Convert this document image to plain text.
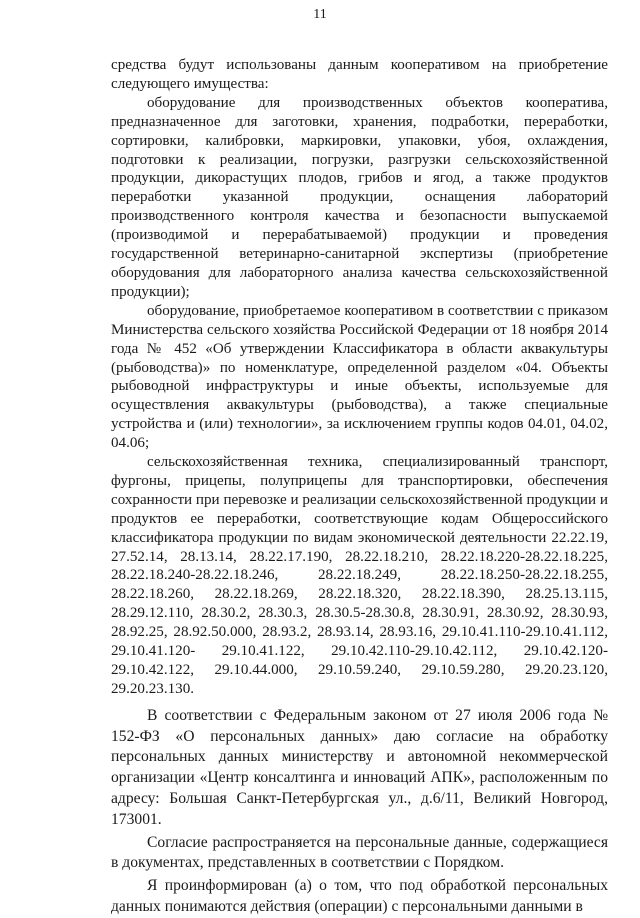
11

средства будут использованы данным кооперативом на приобретение следующего имущества:

оборудование для производственных объектов кооператива, предназначенное для заготовки, хранения, подработки, переработки, сортировки, калибровки, маркировки, упаковки, убоя, охлаждения, подготовки к реализации, погрузки, разгрузки сельскохозяйственной продукции, дикорастущих плодов, грибов и ягод, а также продуктов переработки указанной продукции, оснащения лабораторий производственного контроля качества и безопасности выпускаемой (производимой и перерабатываемой) продукции и проведения государственной ветеринарно-санитарной экспертизы (приобретение оборудования для лабораторного анализа качества сельскохозяйственной продукции);

оборудование, приобретаемое кооперативом в соответствии с приказом Министерства сельского хозяйства Российской Федерации от 18 ноября 2014 года № 452 «Об утверждении Классификатора в области аквакультуры (рыбоводства)» по номенклатуре, определенной разделом «04. Объекты рыбоводной инфраструктуры и иные объекты, используемые для осуществления аквакультуры (рыбоводства), а также специальные устройства и (или) технологии», за исключением группы кодов 04.01, 04.02, 04.06;

сельскохозяйственная техника, специализированный транспорт, фургоны, прицепы, полуприцепы для транспортировки, обеспечения сохранности при перевозке и реализации сельскохозяйственной продукции и продуктов ее переработки, соответствующие кодам Общероссийского классификатора продукции по видам экономической деятельности 22.22.19, 27.52.14, 28.13.14, 28.22.17.190, 28.22.18.210, 28.22.18.220-28.22.18.225, 28.22.18.240-28.22.18.246, 28.22.18.249, 28.22.18.250-28.22.18.255, 28.22.18.260, 28.22.18.269, 28.22.18.320, 28.22.18.390, 28.25.13.115, 28.29.12.110, 28.30.2, 28.30.3, 28.30.5-28.30.8, 28.30.91, 28.30.92, 28.30.93, 28.92.25, 28.92.50.000, 28.93.2, 28.93.14, 28.93.16, 29.10.41.110-29.10.41.112, 29.10.41.120- 29.10.41.122, 29.10.42.110-29.10.42.112, 29.10.42.120-29.10.42.122, 29.10.44.000, 29.10.59.240, 29.10.59.280, 29.20.23.120, 29.20.23.130.

В соответствии с Федеральным законом от 27 июля 2006 года № 152-ФЗ «О персональных данных» даю согласие на обработку персональных данных министерству и автономной некоммерческой организации «Центр консалтинга и инноваций АПК», расположенным по адресу: Большая Санкт-Петербургская ул., д.6/11, Великий Новгород, 173001.

Согласие распространяется на персональные данные, содержащиеся в документах, представленных в соответствии с Порядком.

Я проинформирован (а) о том, что под обработкой персональных данных понимаются действия (операции) с персональными данными в
